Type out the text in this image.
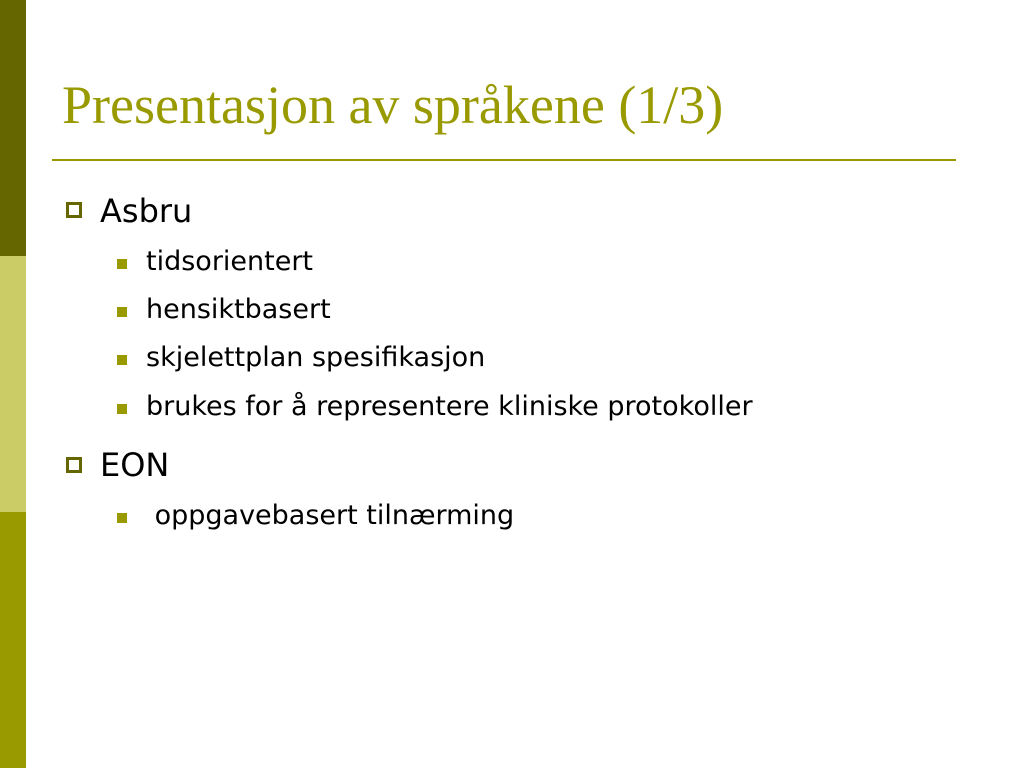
Presentasjon av språkene (1/3)
Asbru
tidsorientert
hensiktbasert
skjelettplan spesifikasjon
brukes for å representere kliniske protokoller
EON
oppgavebasert tilnærming
